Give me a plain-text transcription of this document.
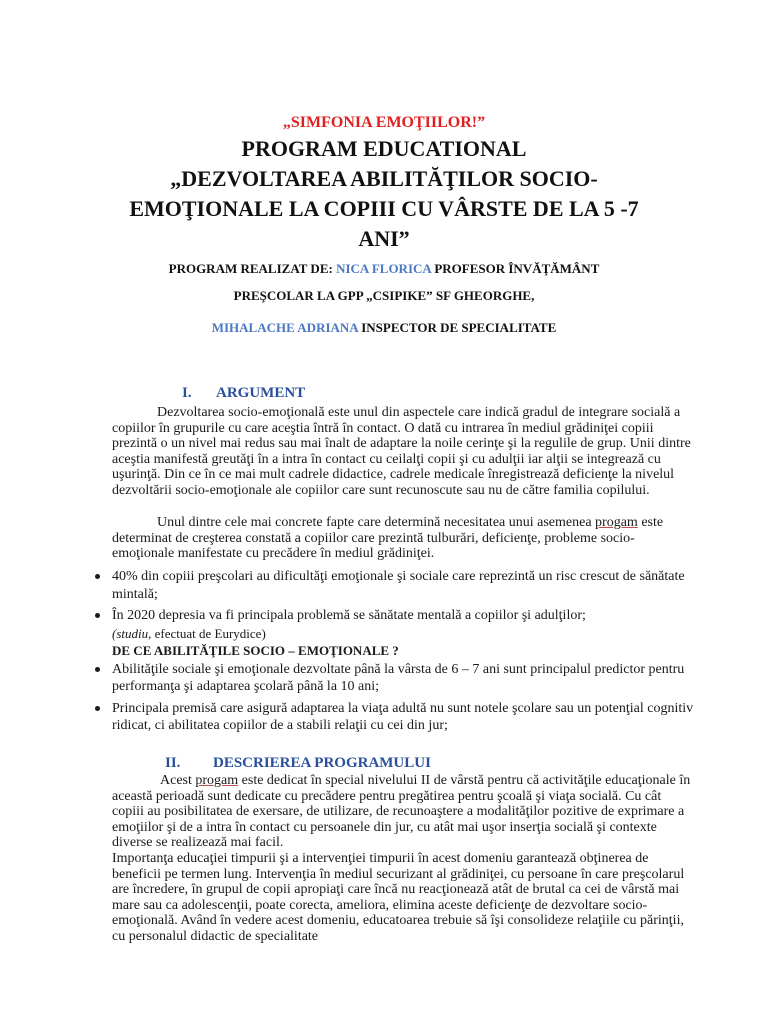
„SIMFONIA EMOŢIILOR!”
PROGRAM EDUCATIONAL
„DEZVOLTAREA ABILITĂŢILOR SOCIO-
EMOŢIONALE LA COPIII CU VÂRSTE DE LA 5 -7
ANI”
PROGRAM REALIZAT DE: NICA FLORICA PROFESOR ÎNVĂŢĂMÂNT
PREŞCOLAR LA GPP „CSIPIKE” SF GHEORGHE,
MIHALACHE ADRIANA INSPECTOR DE SPECIALITATE
I. ARGUMENT
Dezvoltarea socio-emoţională este unul din aspectele care indică gradul de integrare socială a copiilor în grupurile cu care aceştia întră în contact. O dată cu intrarea în mediul grădiniţei copiii prezintă o un nivel mai redus sau mai înalt de adaptare la noile cerinţe şi la regulile de grup. Unii dintre aceştia manifestă greutăţi în a intra în contact cu ceilalţi copii şi cu adulţii iar alţii se integrează cu uşurinţă. Din ce în ce mai mult cadrele didactice, cadrele medicale înregistrează deficienţe la nivelul dezvoltării socio-emoţionale ale copiilor care sunt recunoscute sau nu de către familia copilului.
Unul dintre cele mai concrete fapte care determină necesitatea unui asemenea progam este determinat de creşterea constată a copiilor care prezintă tulburări, deficienţe, probleme socio-emoţionale manifestate cu precădere în mediul grădiniţei.
40% din copiii preşcolari au dificultăţi emoţionale şi sociale care reprezintă un risc crescut de sănătate mintală;
În 2020 depresia va fi principala problemă se sănătate mentală a copiilor şi adulţilor;
(studiu, efectuat de Eurydice)
DE CE ABILITĂŢILE SOCIO – EMOŢIONALE ?
Abilităţile sociale şi emoţionale dezvoltate până la vârsta de 6 – 7 ani sunt principalul predictor pentru performanţa şi adaptarea şcolară până la 10 ani;
Principala premisă care asigură adaptarea la viaţa adultă nu sunt notele şcolare sau un potenţial cognitiv ridicat, ci abilitatea copiilor de a stabili relaţii cu cei din jur;
II. DESCRIEREA PROGRAMULUI
Acest progam este dedicat în special nivelului II de vârstă pentru că activităţile educaţionale în această perioadă sunt dedicate cu precădere pentru pregătirea pentru şcoală şi viaţa socială. Cu cât copiii au posibilitatea de exersare, de utilizare, de recunoaştere a modalităţilor pozitive de exprimare a emoţiilor şi de a intra în contact cu persoanele din jur, cu atât mai uşor inserţia socială şi contexte diverse se realizează mai facil.
Importanţa educaţiei timpurii şi a intervenţiei timpurii în acest domeniu garantează obţinerea de beneficii pe termen lung. Intervenţia în mediul securizant al grădiniţei, cu persoane în care preşcolarul are încredere, în grupul de copii apropiaţi care încă nu reacţionează atât de brutal ca cei de vârstă mai mare sau ca adolescenţii, poate corecta, ameliora, elimina aceste deficienţe de dezvoltare socio-emoţională. Având în vedere acest domeniu, educatoarea trebuie să îşi consolideze relaţiile cu părinţii, cu personalul didactic de specialitate
